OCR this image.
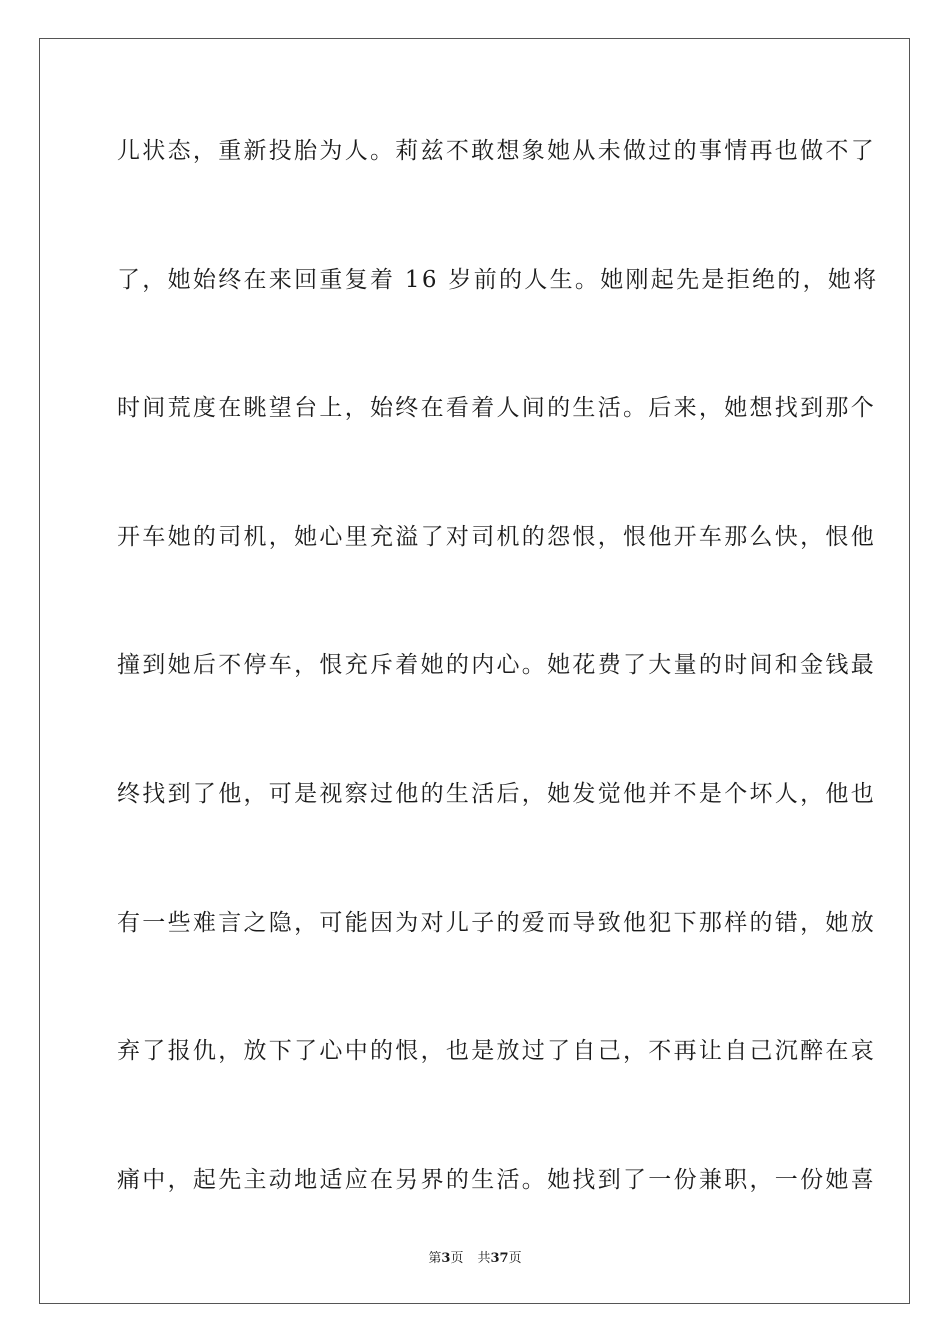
儿状态，重新投胎为人。莉兹不敢想象她从未做过的事情再也做不了
了，她始终在来回重复着 16 岁前的人生。她刚起先是拒绝的，她将
时间荒度在眺望台上，始终在看着人间的生活。后来，她想找到那个
开车她的司机，她心里充溢了对司机的怨恨，恨他开车那么快，恨他
撞到她后不停车，恨充斥着她的内心。她花费了大量的时间和金钱最
终找到了他，可是视察过他的生活后，她发觉他并不是个坏人，他也
有一些难言之隐，可能因为对儿子的爱而导致他犯下那样的错，她放
弃了报仇，放下了心中的恨，也是放过了自己，不再让自己沉醉在哀
痛中，起先主动地适应在另界的生活。她找到了一份兼职，一份她喜
第3页 共37页
